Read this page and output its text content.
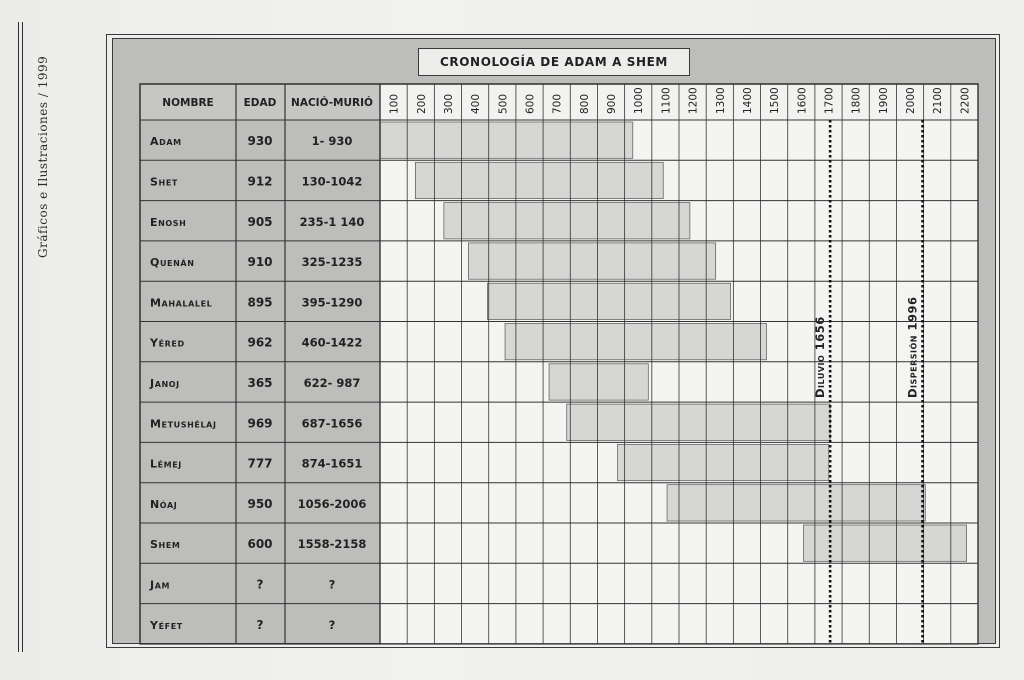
Gráficos e Ilustraciones / 1999	CRONOLOGÍA DE ADAM A SHEM
NOMBRE	EDAD NACIÓ-MURIÓ 100 200 300 400 500 600 700 800 900 1000 1100 1200 1300 1400 1500 1600 1700 1800 1900 2000 2100 2200
Adam	930	1- 930
Shet	912	130-1042
Enosh	905 235-1 140
Quenán	910	325-1235
Mahalalel	895	395-1290
Yéred	962	460-1422
Janoj	365	622- 987
Metushélaj	969	687-1656
Lémej	777	874-1651
Nóaj	950 1056-2006
Shem	600 1558-2158
Jam	?	?
Yéfet	?	?
Diluvio 1656	Dispersión 1996
